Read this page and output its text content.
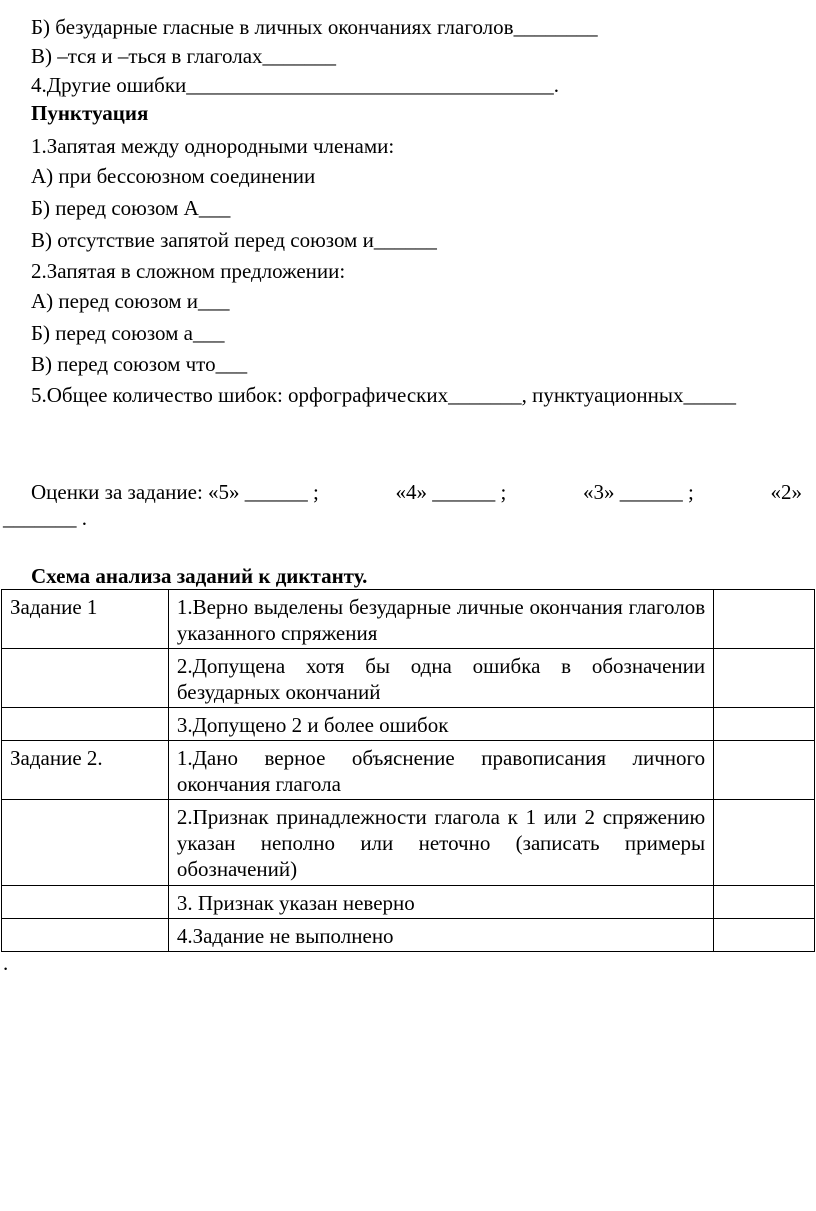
Б) безударные гласные в личных окончаниях глаголов________
В) –тся и –ться в глаголах_______
4.Другие ошибки___________________________________.
Пунктуация
1.Запятая между однородными членами:
А) при бессоюзном соединении
Б) перед союзом А___
В) отсутствие запятой перед союзом и______
2.Запятая в сложном предложении:
А) перед союзом и___
Б) перед союзом а___
В) перед союзом что___
5.Общее количество шибок: орфографических_______, пунктуационных_____
Оценки за задание: «5» ______ ;	«4» ______ ;	«3» ______ ;	«2»
_______ .
Схема анализа заданий к диктанту.
Задание 1	1.Верно выделены безударные личные окончания глаголов указанного спряжения	
	2.Допущена хотя бы одна ошибка в обозначении безударных окончаний	
	3.Допущено 2 и более ошибок	
Задание 2.	1.Дано верное объяснение правописания личного окончания глагола	
	2.Признак принадлежности глагола к 1 или 2 спряжению указан неполно или неточно (записать примеры обозначений)	
	3. Признак указан неверно	
	4.Задание не выполнено	
.
